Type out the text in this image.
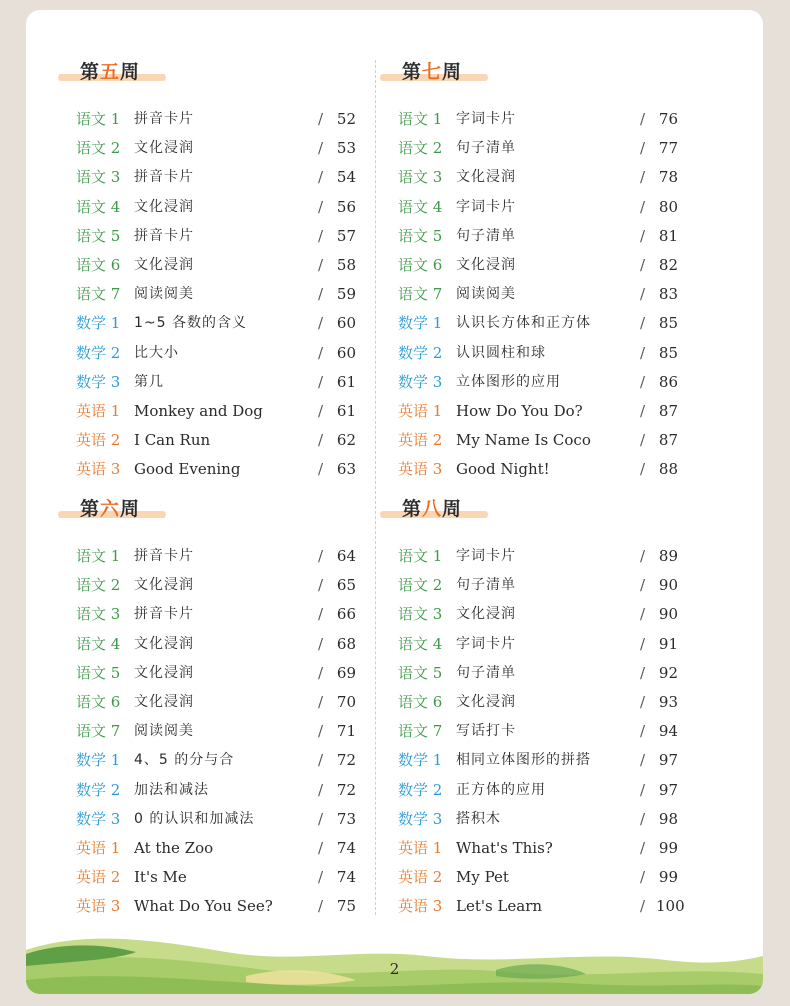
第五周
语文 1 拼音卡片	/ 52
语文 2 文化浸润	/ 53
语文 3 拼音卡片	/ 54
语文 4 文化浸润	/ 56
语文 5 拼音卡片	/ 57
语文 6 文化浸润	/ 58
语文 7 阅读阅美	/ 59
数学 1 1~5 各数的含义	/ 60
数学 2 比大小	/ 60
数学 3 第几	/ 61
英语 1 Monkey and Dog	/ 61
英语 2 I Can Run	/ 62
英语 3 Good Evening	/ 63
第七周
语文 1 字词卡片	/ 76
语文 2 句子清单	/ 77
语文 3 文化浸润	/ 78
语文 4 字词卡片	/ 80
语文 5 句子清单	/ 81
语文 6 文化浸润	/ 82
语文 7 阅读阅美	/ 83
数学 1 认识长方体和正方体	/ 85
数学 2 认识圆柱和球	/ 85
数学 3 立体图形的应用	/ 86
英语 1 How Do You Do?	/ 87
英语 2 My Name Is Coco	/ 87
英语 3 Good Night!	/ 88
第六周
语文 1 拼音卡片	/ 64
语文 2 文化浸润	/ 65
语文 3 拼音卡片	/ 66
语文 4 文化浸润	/ 68
语文 5 文化浸润	/ 69
语文 6 文化浸润	/ 70
语文 7 阅读阅美	/ 71
数学 1 4、5 的分与合	/ 72
数学 2 加法和减法	/ 72
数学 3 0 的认识和加减法	/ 73
英语 1 At the Zoo	/ 74
英语 2 It's Me	/ 74
英语 3 What Do You See?	/ 75
第八周
语文 1 字词卡片	/ 89
语文 2 句子清单	/ 90
语文 3 文化浸润	/ 90
语文 4 字词卡片	/ 91
语文 5 句子清单	/ 92
语文 6 文化浸润	/ 93
语文 7 写话打卡	/ 94
数学 1 相同立体图形的拼搭	/ 97
数学 2 正方体的应用	/ 97
数学 3 搭积木	/ 98
英语 1 What's This?	/ 99
英语 2 My Pet	/ 99
英语 3 Let's Learn	/ 100
2
